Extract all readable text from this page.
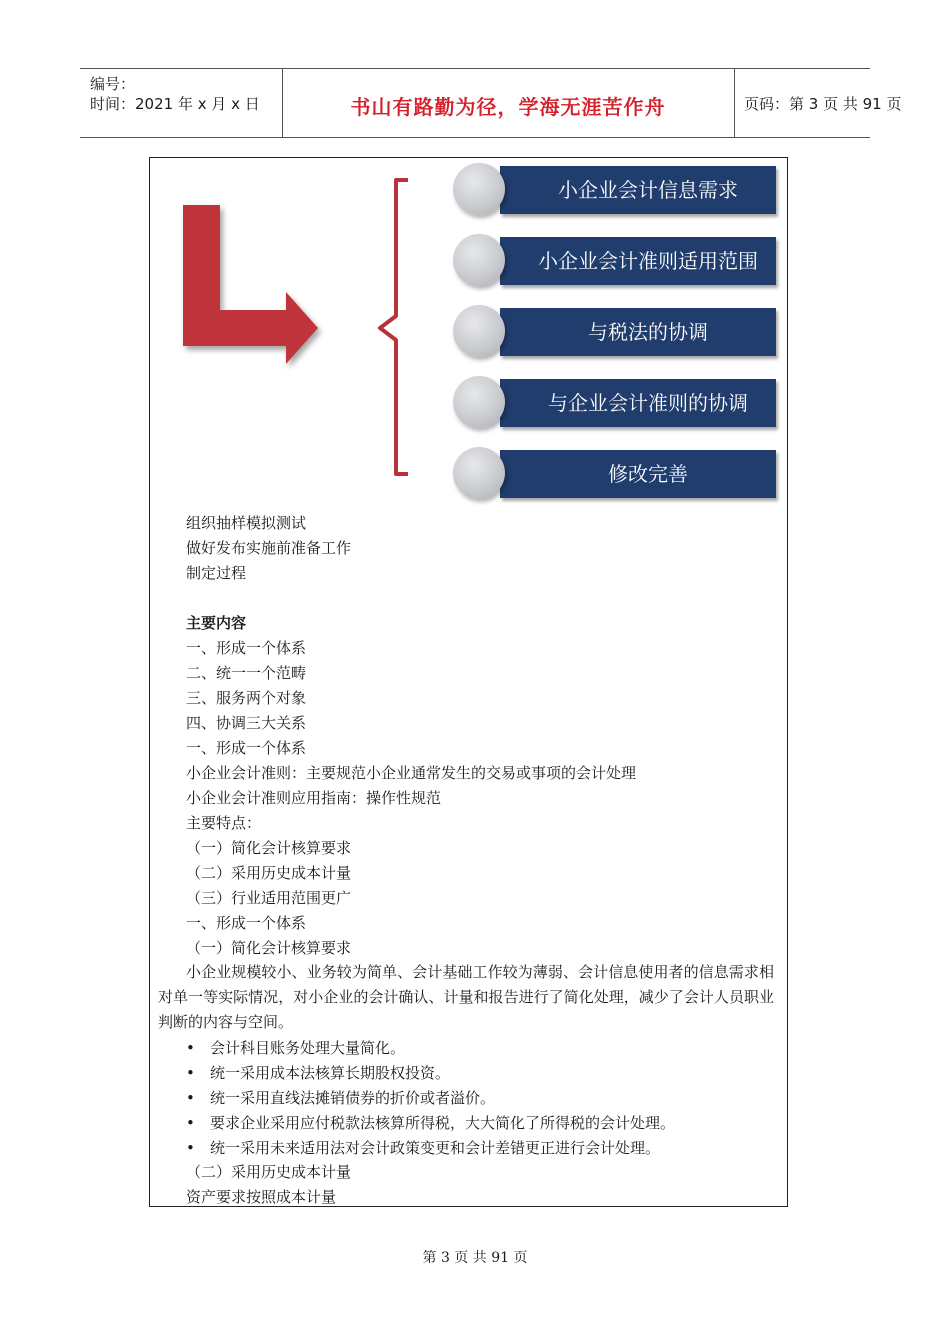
编号：
时间：2021 年 x 月 x 日	书山有路勤为径，学海无涯苦作舟	页码：第 3 页 共 91 页
小企业会计信息需求
小企业会计准则适用范围
与税法的协调
与企业会计准则的协调
修改完善
组织抽样模拟测试
做好发布实施前准备工作
制定过程
主要内容
一、形成一个体系
二、统一一个范畴
三、服务两个对象
四、协调三大关系
一、形成一个体系
小企业会计准则：主要规范小企业通常发生的交易或事项的会计处理
小企业会计准则应用指南：操作性规范
主要特点：
（一）简化会计核算要求
（二）采用历史成本计量
（三）行业适用范围更广
一、形成一个体系
（一）简化会计核算要求
小企业规模较小、业务较为简单、会计基础工作较为薄弱、会计信息使用者的信息需求相对单一等实际情况，对小企业的会计确认、计量和报告进行了简化处理，减少了会计人员职业判断的内容与空间。
• 会计科目账务处理大量简化。
• 统一采用成本法核算长期股权投资。
• 统一采用直线法摊销债券的折价或者溢价。
• 要求企业采用应付税款法核算所得税，大大简化了所得税的会计处理。
• 统一采用未来适用法对会计政策变更和会计差错更正进行会计处理。
（二）采用历史成本计量
资产要求按照成本计量
第 3 页 共 91 页
